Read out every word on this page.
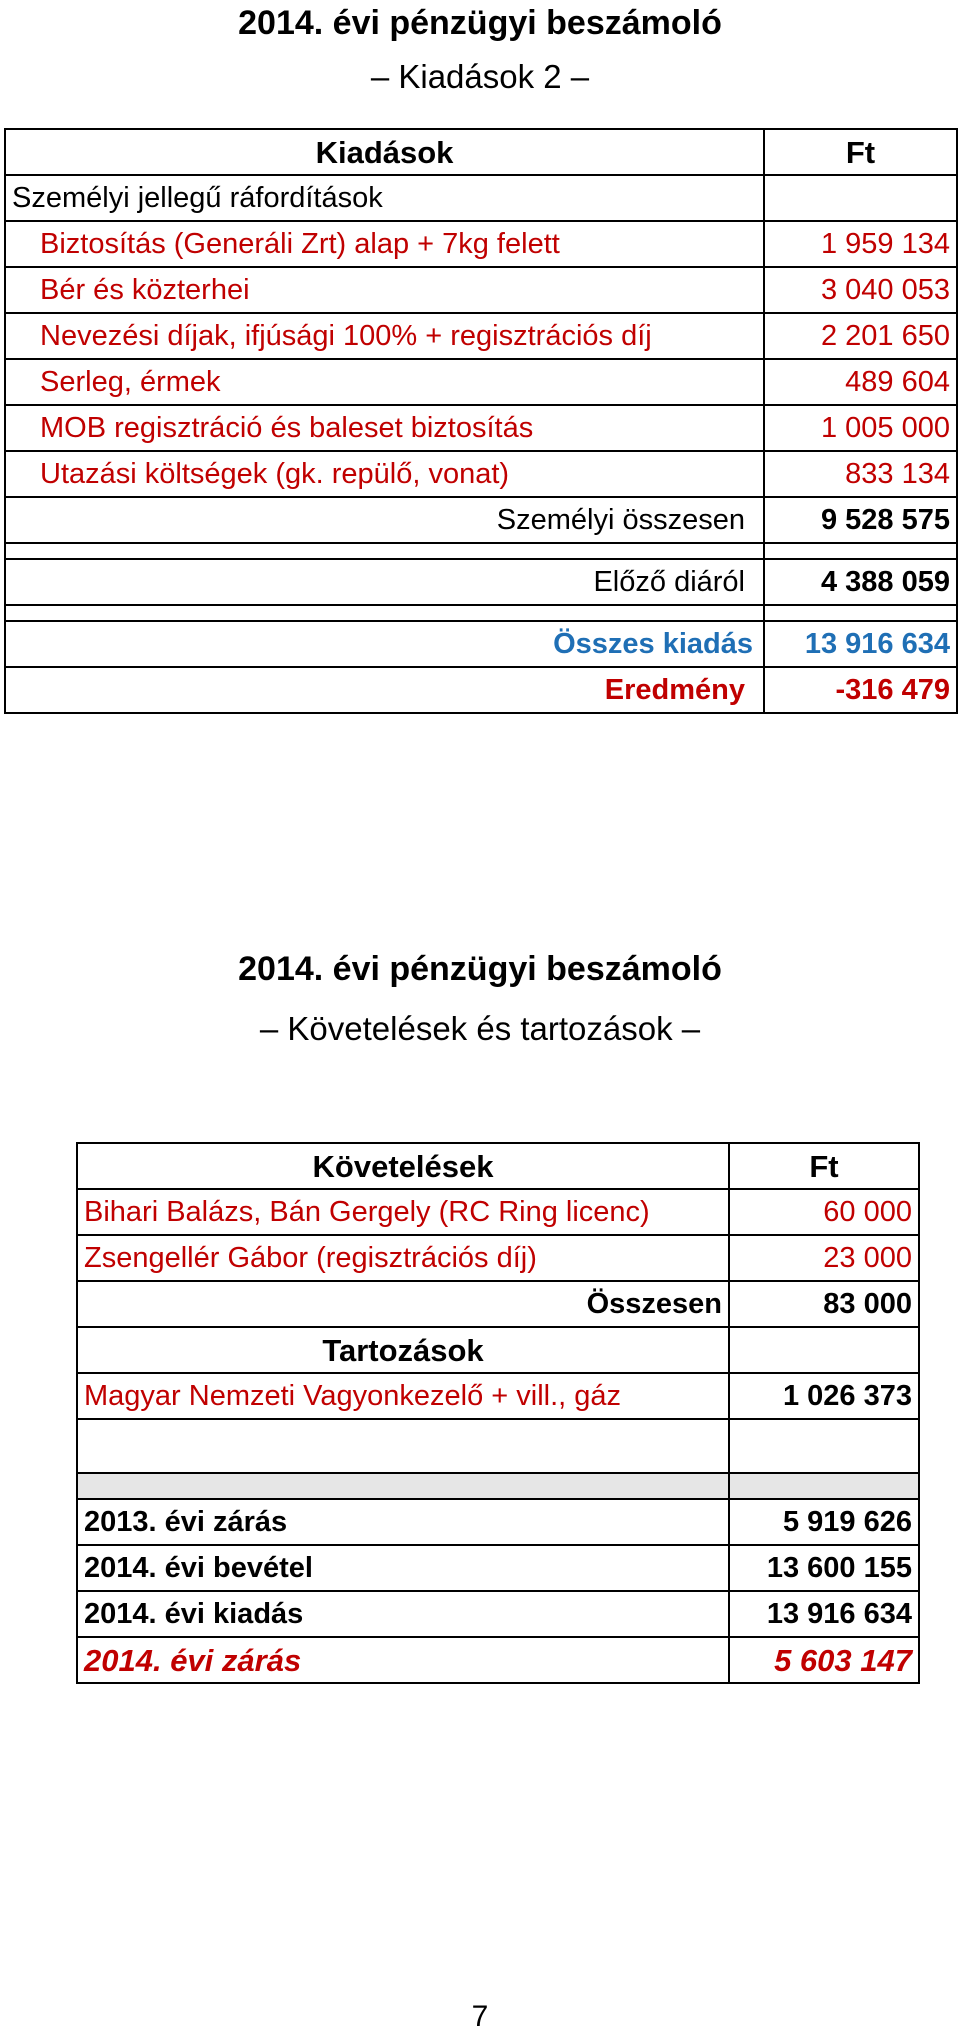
2014. évi pénzügyi beszámoló
– Kiadások 2 –
Kiadások	Ft
Személyi jellegű ráfordítások	
Biztosítás (Generáli Zrt) alap + 7kg felett	1 959 134
Bér és közterhei	3 040 053
Nevezési díjak, ifjúsági 100% + regisztrációs díj	2 201 650
Serleg, érmek	489 604
MOB regisztráció és baleset biztosítás	1 005 000
Utazási költségek (gk. repülő, vonat)	833 134
Személyi összesen	9 528 575

Előző diáról	4 388 059

Összes kiadás	13 916 634
Eredmény	-316 479
2014. évi pénzügyi beszámoló
– Követelések és tartozások –
Követelések	Ft
Bihari Balázs, Bán Gergely (RC Ring licenc)	60 000
Zsengellér Gábor (regisztrációs díj)	23 000
Összesen	83 000
Tartozások	
Magyar Nemzeti Vagyonkezelő + vill., gáz	1 026 373

2013. évi zárás	5 919 626
2014. évi bevétel	13 600 155
2014. évi kiadás	13 916 634
2014. évi zárás	5 603 147
7
